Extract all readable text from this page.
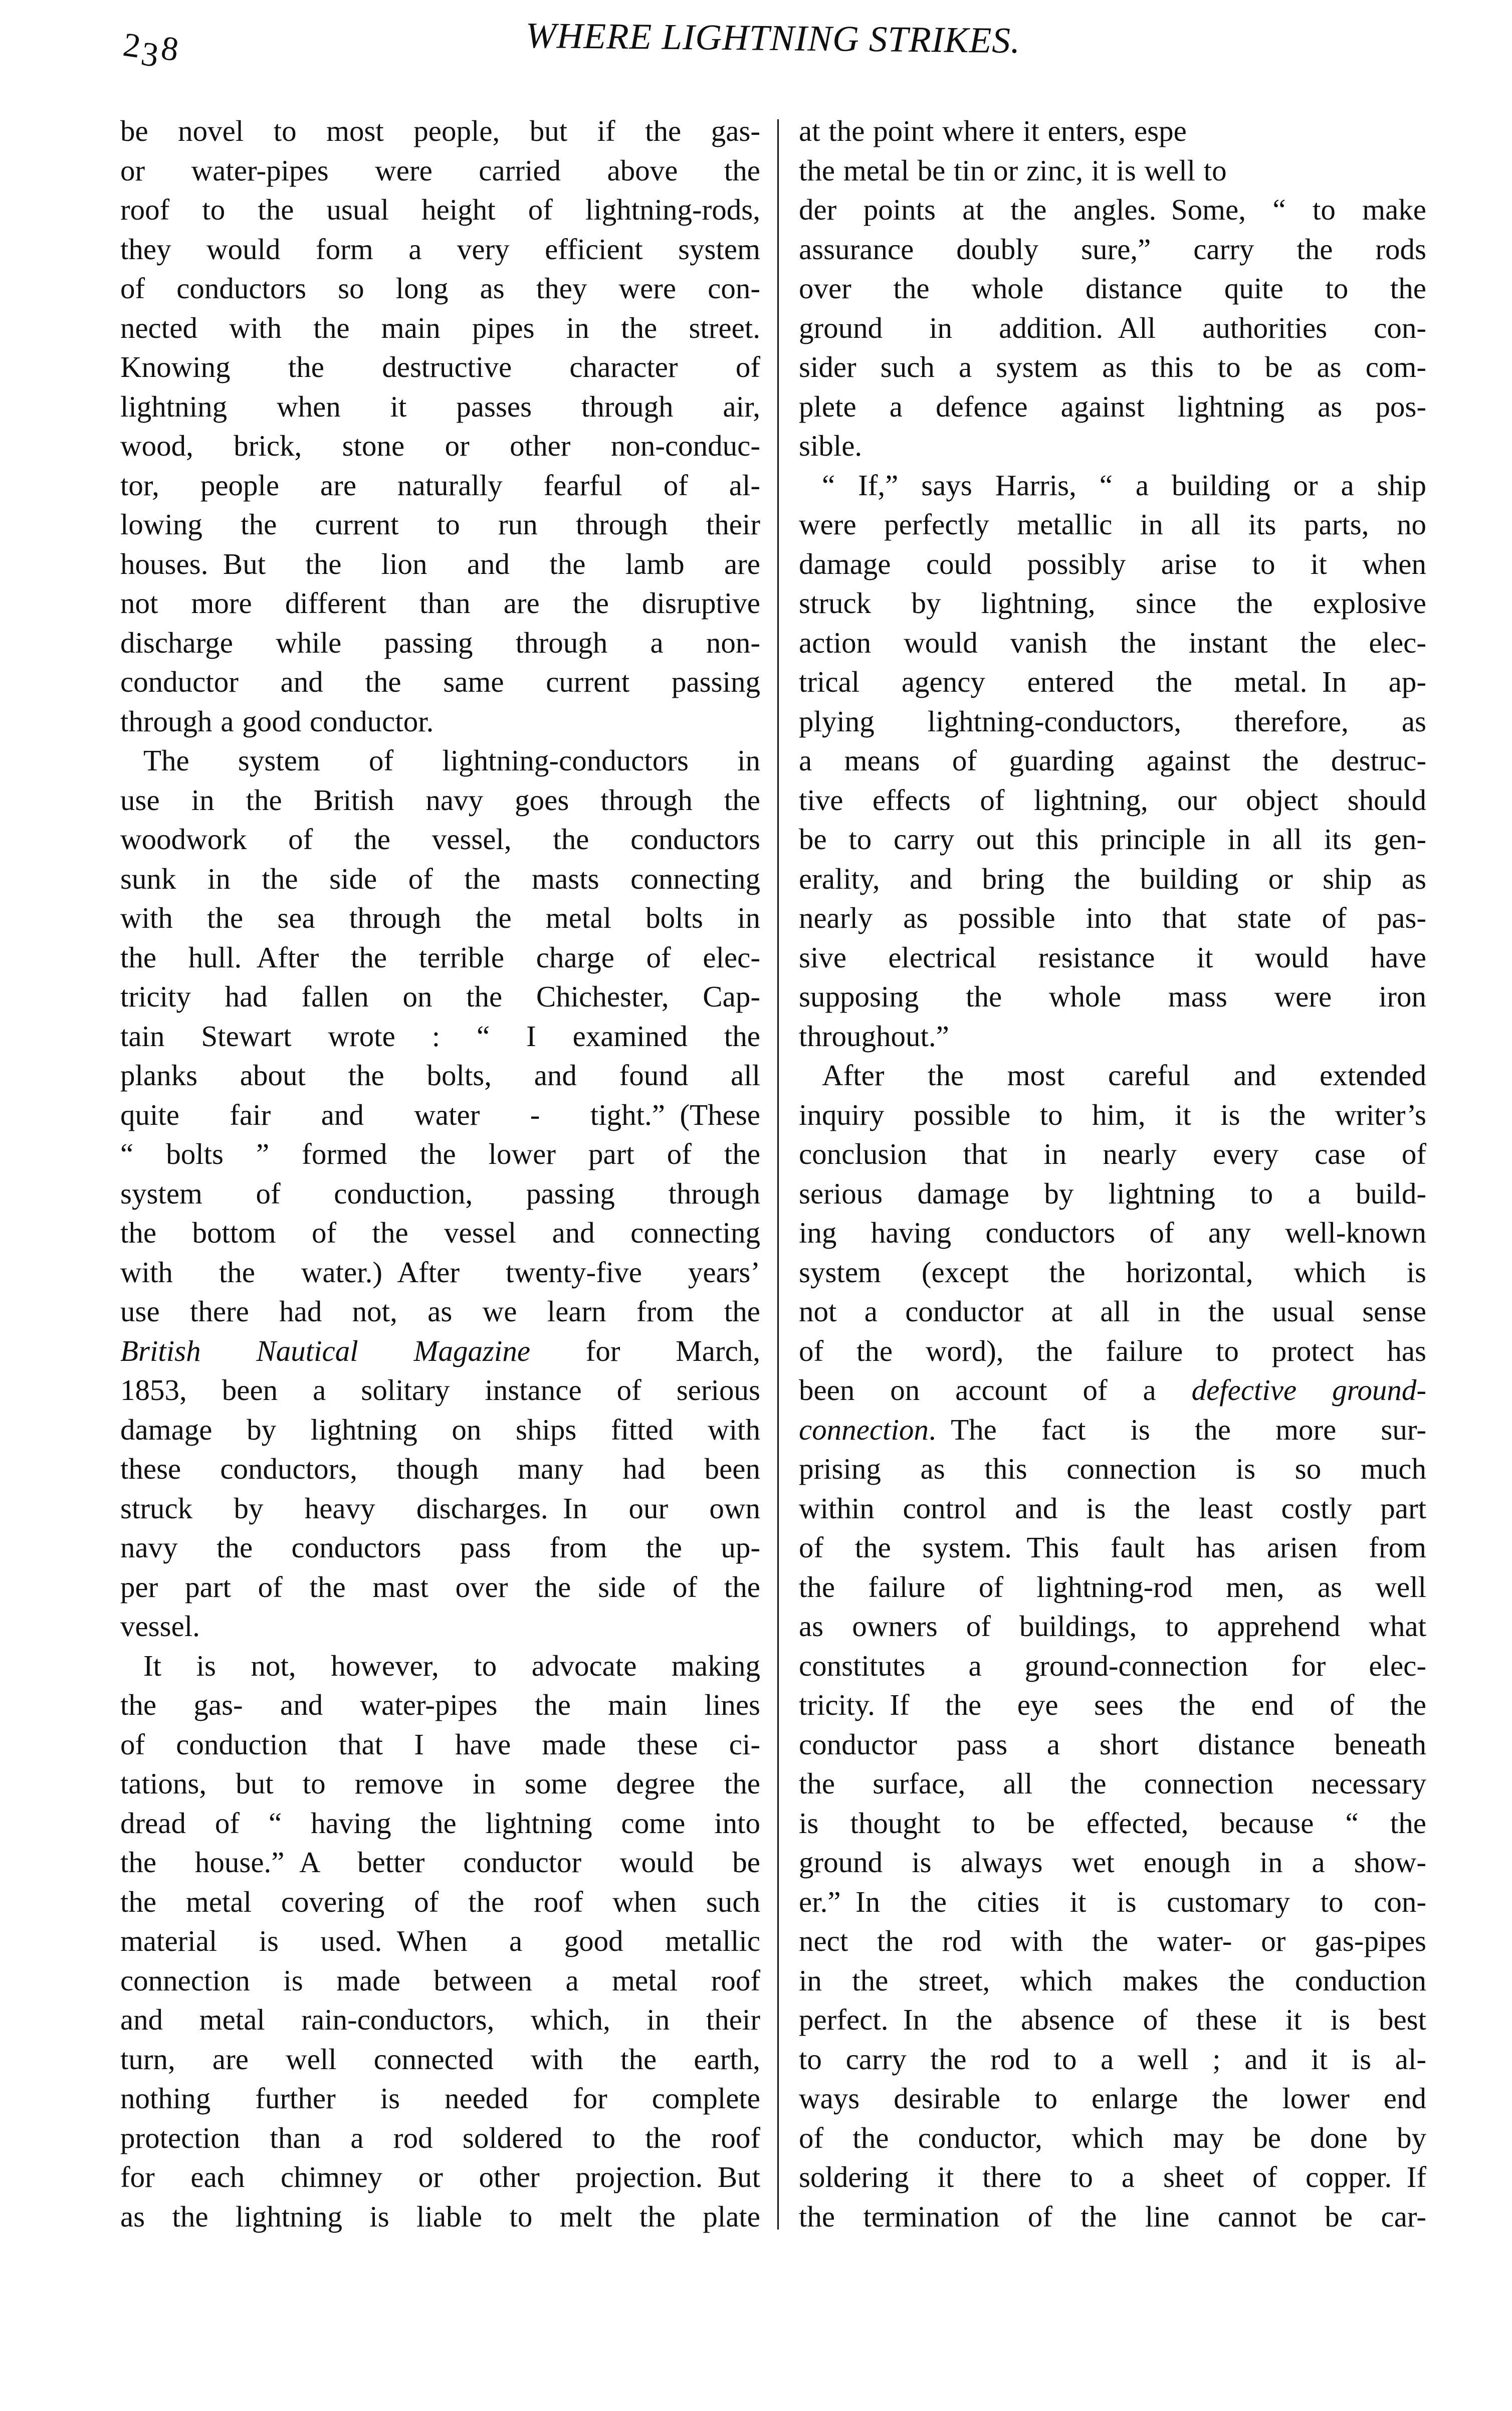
238	WHERE LIGHTNING STRIKES.
be novel to most people, but if the gas-
or water-pipes were carried above the
roof to the usual height of lightning-rods,
they would form a very efficient system
of conductors so long as they were con-
nected with the main pipes in the street.
Knowing the destructive character of
lightning when it passes through air,
wood, brick, stone or other non-conduc-
tor, people are naturally fearful of al-
lowing the current to run through their
houses. But the lion and the lamb are
not more different than are the disruptive
discharge while passing through a non-
conductor and the same current passing
through a good conductor.
The system of lightning-conductors in
use in the British navy goes through the
woodwork of the vessel, the conductors
sunk in the side of the masts connecting
with the sea through the metal bolts in
the hull. After the terrible charge of elec-
tricity had fallen on the Chichester, Cap-
tain Stewart wrote : “ I examined the
planks about the bolts, and found all
quite fair and water - tight.” (These
“ bolts ” formed the lower part of the
system of conduction, passing through
the bottom of the vessel and connecting
with the water.) After twenty-five years’
use there had not, as we learn from the
British Nautical Magazine for March,
1853, been a solitary instance of serious
damage by lightning on ships fitted with
these conductors, though many had been
struck by heavy discharges. In our own
navy the conductors pass from the up-
per part of the mast over the side of the
vessel.
It is not, however, to advocate making
the gas- and water-pipes the main lines
of conduction that I have made these ci-
tations, but to remove in some degree the
dread of “ having the lightning come into
the house.” A better conductor would be
the metal covering of the roof when such
material is used. When a good metallic
connection is made between a metal roof
and metal rain-conductors, which, in their
turn, are well connected with the earth,
nothing further is needed for complete
protection than a rod soldered to the roof
for each chimney or other projection. But
as the lightning is liable to melt the plate
at the point where it enters, espe
the metal be tin or zinc, it is well to
der points at the angles. Some, “ to make
assurance doubly sure,” carry the rods
over the whole distance quite to the
ground in addition. All authorities con-
sider such a system as this to be as com-
plete a defence against lightning as pos-
sible.
“ If,” says Harris, “ a building or a ship
were perfectly metallic in all its parts, no
damage could possibly arise to it when
struck by lightning, since the explosive
action would vanish the instant the elec-
trical agency entered the metal. In ap-
plying lightning-conductors, therefore, as
a means of guarding against the destruc-
tive effects of lightning, our object should
be to carry out this principle in all its gen-
erality, and bring the building or ship as
nearly as possible into that state of pas-
sive electrical resistance it would have
supposing the whole mass were iron
throughout.”
After the most careful and extended
inquiry possible to him, it is the writer’s
conclusion that in nearly every case of
serious damage by lightning to a build-
ing having conductors of any well-known
system (except the horizontal, which is
not a conductor at all in the usual sense
of the word), the failure to protect has
been on account of a defective ground-
connection. The fact is the more sur-
prising as this connection is so much
within control and is the least costly part
of the system. This fault has arisen from
the failure of lightning-rod men, as well
as owners of buildings, to apprehend what
constitutes a ground-connection for elec-
tricity. If the eye sees the end of the
conductor pass a short distance beneath
the surface, all the connection necessary
is thought to be effected, because “ the
ground is always wet enough in a show-
er.” In the cities it is customary to con-
nect the rod with the water- or gas-pipes
in the street, which makes the conduction
perfect. In the absence of these it is best
to carry the rod to a well ; and it is al-
ways desirable to enlarge the lower end
of the conductor, which may be done by
soldering it there to a sheet of copper. If
the termination of the line cannot be car-
